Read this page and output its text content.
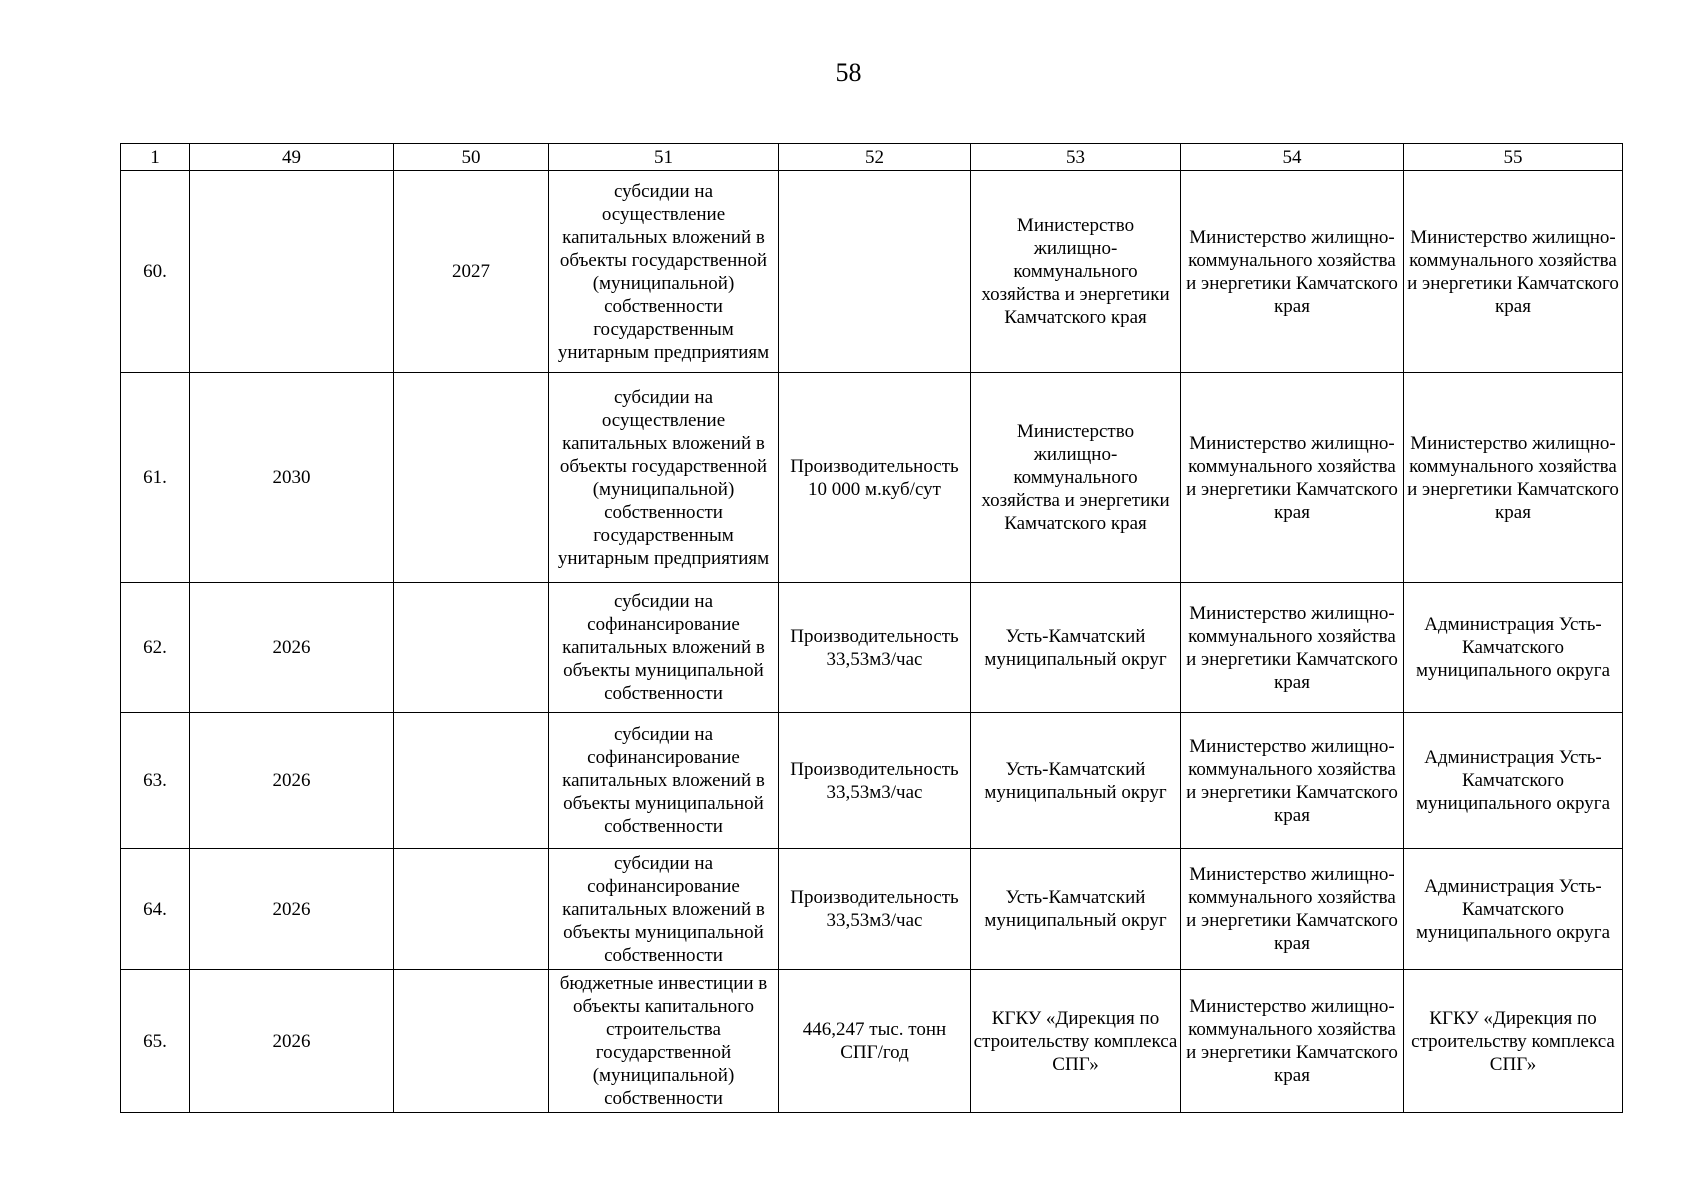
58
1	49	50	51	52	53	54	55
60.		2027	субсидии на осуществление капитальных вложений в объекты государственной (муниципальной) собственности государственным унитарным предприятиям		Министерство жилищно-коммунального хозяйства и энергетики Камчатского края	Министерство жилищно-коммунального хозяйства и энергетики Камчатского края	Министерство жилищно-коммунального хозяйства и энергетики Камчатского края
61.	2030		субсидии на осуществление капитальных вложений в объекты государственной (муниципальной) собственности государственным унитарным предприятиям	Производительность 10 000 м.куб/сут	Министерство жилищно-коммунального хозяйства и энергетики Камчатского края	Министерство жилищно-коммунального хозяйства и энергетики Камчатского края	Министерство жилищно-коммунального хозяйства и энергетики Камчатского края
62.	2026		субсидии на софинансирование капитальных вложений в объекты муниципальной собственности	Производительность 33,53м3/час	Усть-Камчатский муниципальный округ	Министерство жилищно-коммунального хозяйства и энергетики Камчатского края	Администрация Усть-Камчатского муниципального округа
63.	2026		субсидии на софинансирование капитальных вложений в объекты муниципальной собственности	Производительность 33,53м3/час	Усть-Камчатский муниципальный округ	Министерство жилищно-коммунального хозяйства и энергетики Камчатского края	Администрация Усть-Камчатского муниципального округа
64.	2026		субсидии на софинансирование капитальных вложений в объекты муниципальной собственности	Производительность 33,53м3/час	Усть-Камчатский муниципальный округ	Министерство жилищно-коммунального хозяйства и энергетики Камчатского края	Администрация Усть-Камчатского муниципального округа
65.	2026		бюджетные инвестиции в объекты капитального строительства государственной (муниципальной) собственности	446,247 тыс. тонн СПГ/год	КГКУ «Дирекция по строительству комплекса СПГ»	Министерство жилищно-коммунального хозяйства и энергетики Камчатского края	КГКУ «Дирекция по строительству комплекса СПГ»
